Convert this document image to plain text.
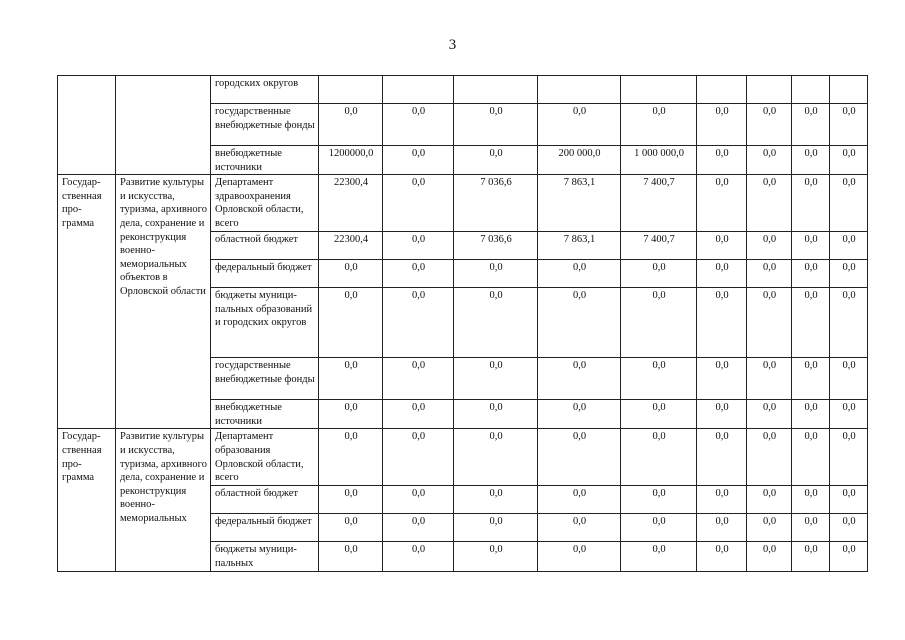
3
		городских округов									
		государственные внебюджетные фонды	0,0	0,0	0,0	0,0	0,0	0,0	0,0	0,0	0,0
		внебюджетные источники	1200000,0	0,0	0,0	200 000,0	1 000 000,0	0,0	0,0	0,0	0,0
Государ- ственная про- грамма	Развитие культуры и искусства, туризма, архивного дела, сохранение и реконструкция военно- мемориальных объектов в Орловской области	Департамент здравоохранения Орловской области, всего	22300,4	0,0	7 036,6	7 863,1	7 400,7	0,0	0,0	0,0	0,0
		областной бюджет	22300,4	0,0	7 036,6	7 863,1	7 400,7	0,0	0,0	0,0	0,0
		федеральный бюджет	0,0	0,0	0,0	0,0	0,0	0,0	0,0	0,0	0,0
		бюджеты муници- пальных образований и городских округов	0,0	0,0	0,0	0,0	0,0	0,0	0,0	0,0	0,0
		государственные внебюджетные фонды	0,0	0,0	0,0	0,0	0,0	0,0	0,0	0,0	0,0
		внебюджетные источники	0,0	0,0	0,0	0,0	0,0	0,0	0,0	0,0	0,0
Государ- ственная про- грамма	Развитие культуры и искусства, туризма, архивного дела, сохранение и реконструкция военно- мемориальных	Департамент образования Орловской области, всего	0,0	0,0	0,0	0,0	0,0	0,0	0,0	0,0	0,0
		областной бюджет	0,0	0,0	0,0	0,0	0,0	0,0	0,0	0,0	0,0
		федеральный бюджет	0,0	0,0	0,0	0,0	0,0	0,0	0,0	0,0	0,0
		бюджеты муници- пальных	0,0	0,0	0,0	0,0	0,0	0,0	0,0	0,0	0,0
